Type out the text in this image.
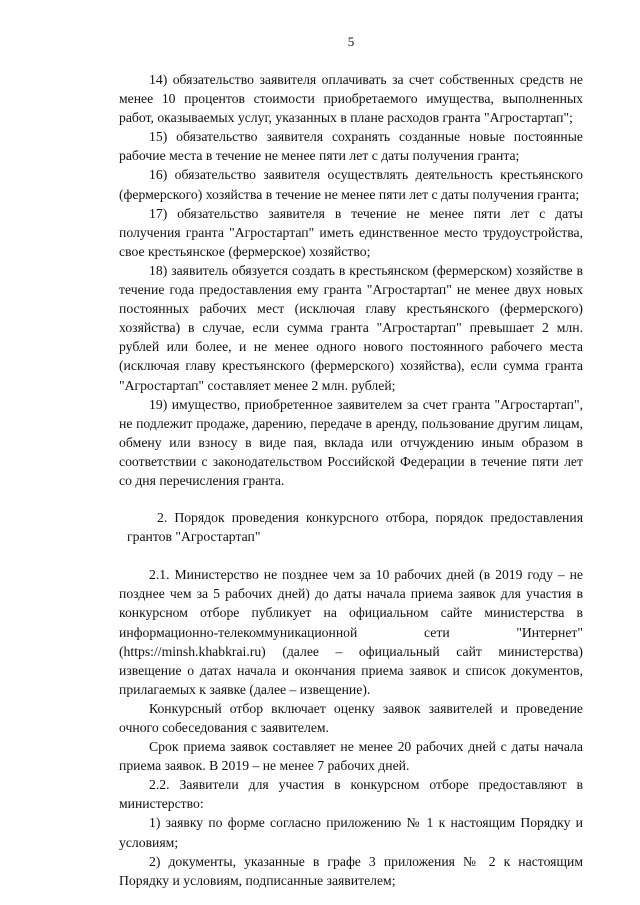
5

14) обязательство заявителя оплачивать за счет собственных средств не менее 10 процентов стоимости приобретаемого имущества, выполненных работ, оказываемых услуг, указанных в плане расходов гранта "Агростартап";

15) обязательство заявителя сохранять созданные новые постоянные рабочие места в течение не менее пяти лет с даты получения гранта;

16) обязательство заявителя осуществлять деятельность крестьянского (фермерского) хозяйства в течение не менее пяти лет с даты получения гранта;

17) обязательство заявителя в течение не менее пяти лет с даты получения гранта "Агростартап" иметь единственное место трудоустройства, свое крестьянское (фермерское) хозяйство;

18) заявитель обязуется создать в крестьянском (фермерском) хозяйстве в течение года предоставления ему гранта "Агростартап" не менее двух новых постоянных рабочих мест (исключая главу крестьянского (фермерского) хозяйства) в случае, если сумма гранта "Агростартап" превышает 2 млн. рублей или более, и не менее одного нового постоянного рабочего места (исключая главу крестьянского (фермерского) хозяйства), если сумма гранта "Агростартап" составляет менее 2 млн. рублей;

19) имущество, приобретенное заявителем за счет гранта "Агростартап", не подлежит продаже, дарению, передаче в аренду, пользование другим лицам, обмену или взносу в виде пая, вклада или отчуждению иным образом в соответствии с законодательством Российской Федерации в течение пяти лет со дня перечисления гранта.

2. Порядок проведения конкурсного отбора, порядок предоставления
грантов "Агростартап"

2.1. Министерство не позднее чем за 10 рабочих дней (в 2019 году – не позднее чем за 5 рабочих дней) до даты начала приема заявок для участия в конкурсном отборе публикует на официальном сайте министерства в информационно-телекоммуникационной сети "Интернет" (https://minsh.khabkrai.ru) (далее – официальный сайт министерства) извещение о датах начала и окончания приема заявок и список документов, прилагаемых к заявке (далее – извещение).

Конкурсный отбор включает оценку заявок заявителей и проведение очного собеседования с заявителем.

Срок приема заявок составляет не менее 20 рабочих дней с даты начала приема заявок. В 2019 – не менее 7 рабочих дней.

2.2. Заявители для участия в конкурсном отборе предоставляют в министерство:

1) заявку по форме согласно приложению № 1 к настоящим Порядку и условиям;

2) документы, указанные в графе 3 приложения № 2 к настоящим Порядку и условиям, подписанные заявителем;
